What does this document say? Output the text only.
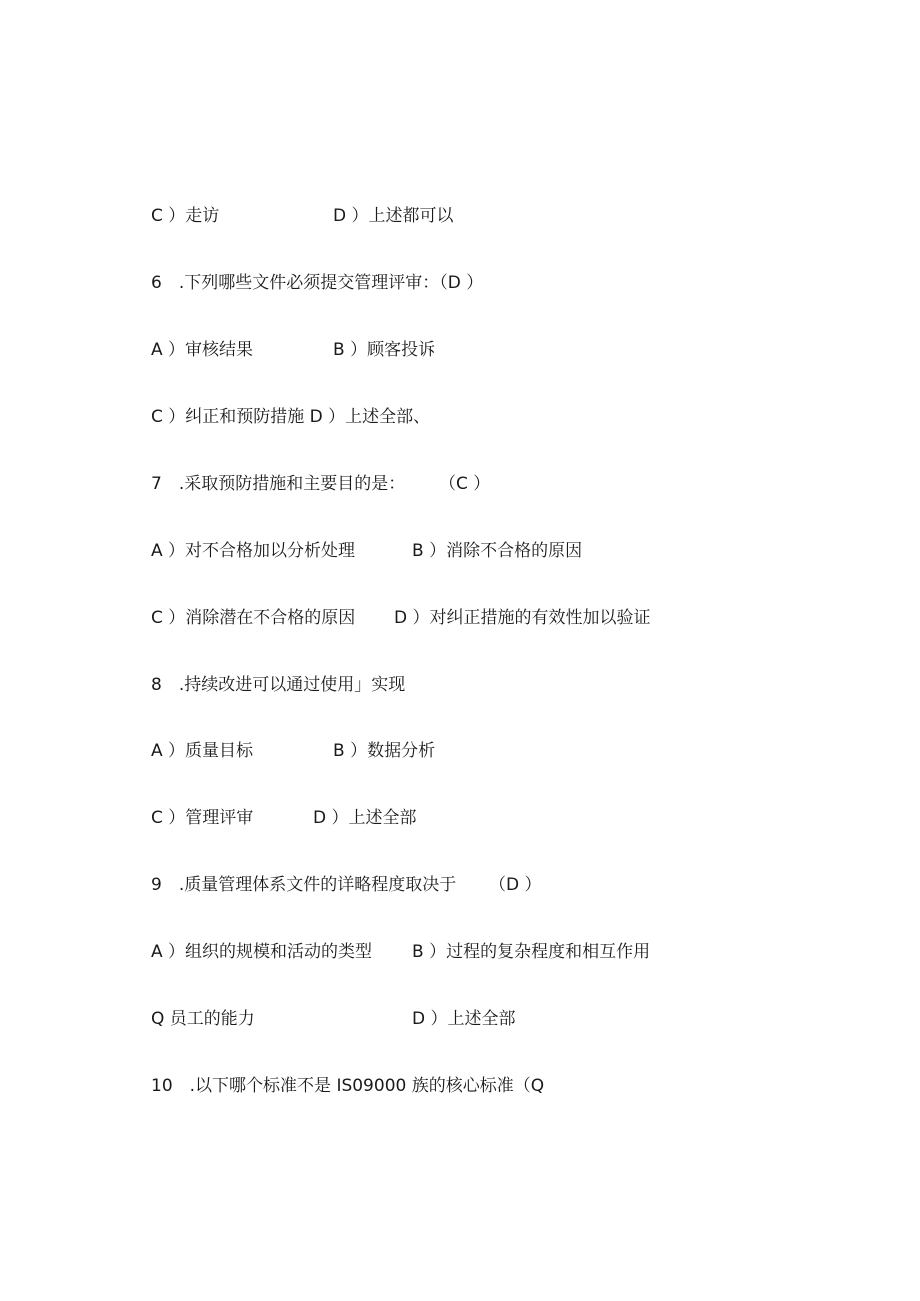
C ）走访	D ）上述都可以
6　.下列哪些文件必须提交管理评审：（D ）
A ）审核结果	B ）顾客投诉
C ）纠正和预防措施 D ）上述全部、
7　.采取预防措施和主要目的是： （C ）
A ）对不合格加以分析处理	B ）消除不合格的原因
C ）消除潜在不合格的原因 D ）对纠正措施的有效性加以验证
8　.持续改进可以通过使用」实现
A ）质量目标	B ）数据分析
C ）管理评审	D ）上述全部
9　.质量管理体系文件的详略程度取决于 （D ）
A ）组织的规模和活动的类型 B ）过程的复杂程度和相互作用
Q 员工的能力	D ）上述全部
10　.以下哪个标准不是 IS09000 族的核心标准（Q
